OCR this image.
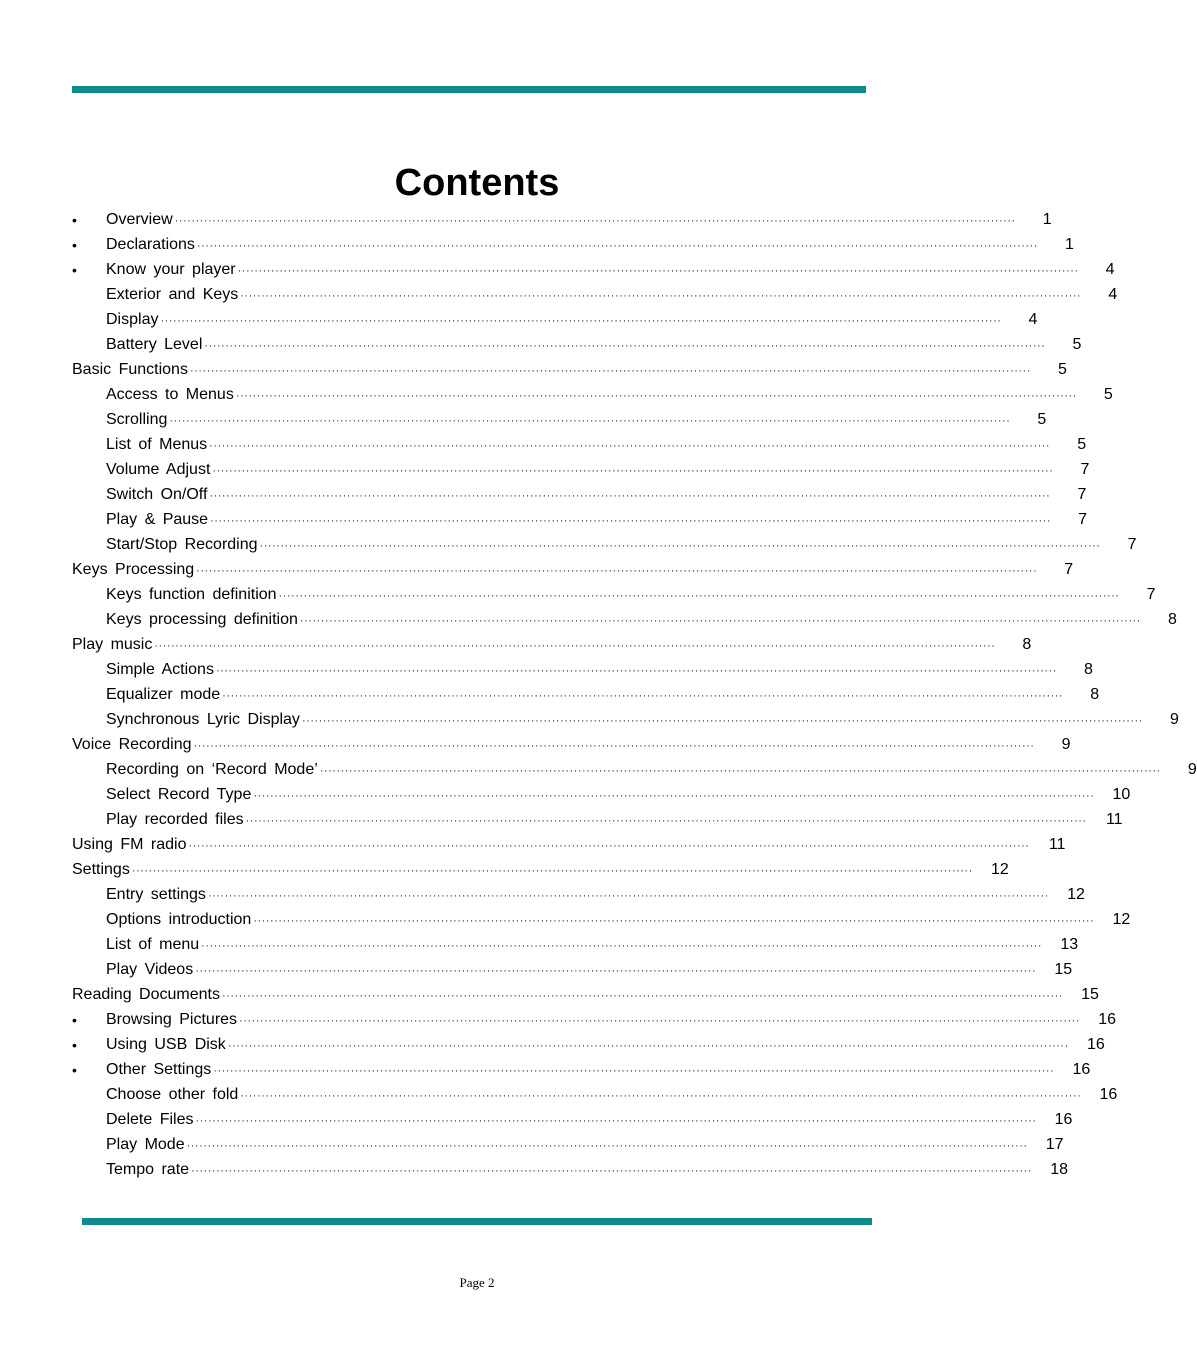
Contents
•	Overview ··········································································································································································································	1
•	Declarations ··········································································································································································································	1
•	Know your player ··········································································································································································································	4
Exterior and Keys ··········································································································································································································	4
Display ··········································································································································································································	4
Battery Level ··········································································································································································································	5
Basic Functions ··········································································································································································································	5
Access to Menus ··········································································································································································································	5
Scrolling ··········································································································································································································	5
List of Menus ··········································································································································································································	5
Volume Adjust ··········································································································································································································	7
Switch On/Off ··········································································································································································································	7
Play & Pause ··········································································································································································································	7
Start/Stop Recording ··········································································································································································································	7
Keys Processing ··········································································································································································································	7
Keys function definition ··········································································································································································································	7
Keys processing definition ··········································································································································································································	8
Play music ··········································································································································································································	8
Simple Actions ··········································································································································································································	8
Equalizer mode ··········································································································································································································	8
Synchronous Lyric Display ··········································································································································································································	9
Voice Recording ··········································································································································································································	9
Recording on ‘Record Mode’ ··········································································································································································································	9
Select Record Type ··········································································································································································································	10
Play recorded files ··········································································································································································································	11
Using FM radio ··········································································································································································································	11
Settings ··········································································································································································································	12
Entry settings ··········································································································································································································	12
Options introduction ··········································································································································································································	12
List of menu ··········································································································································································································	13
Play Videos ··········································································································································································································	15
Reading Documents ··········································································································································································································	15
•	Browsing Pictures ··········································································································································································································	16
•	Using USB Disk ··········································································································································································································	16
•	Other Settings ··········································································································································································································	16
Choose other fold ··········································································································································································································	16
Delete Files ··········································································································································································································	16
Play Mode ··········································································································································································································	17
Tempo rate ··········································································································································································································	18
Page 2
